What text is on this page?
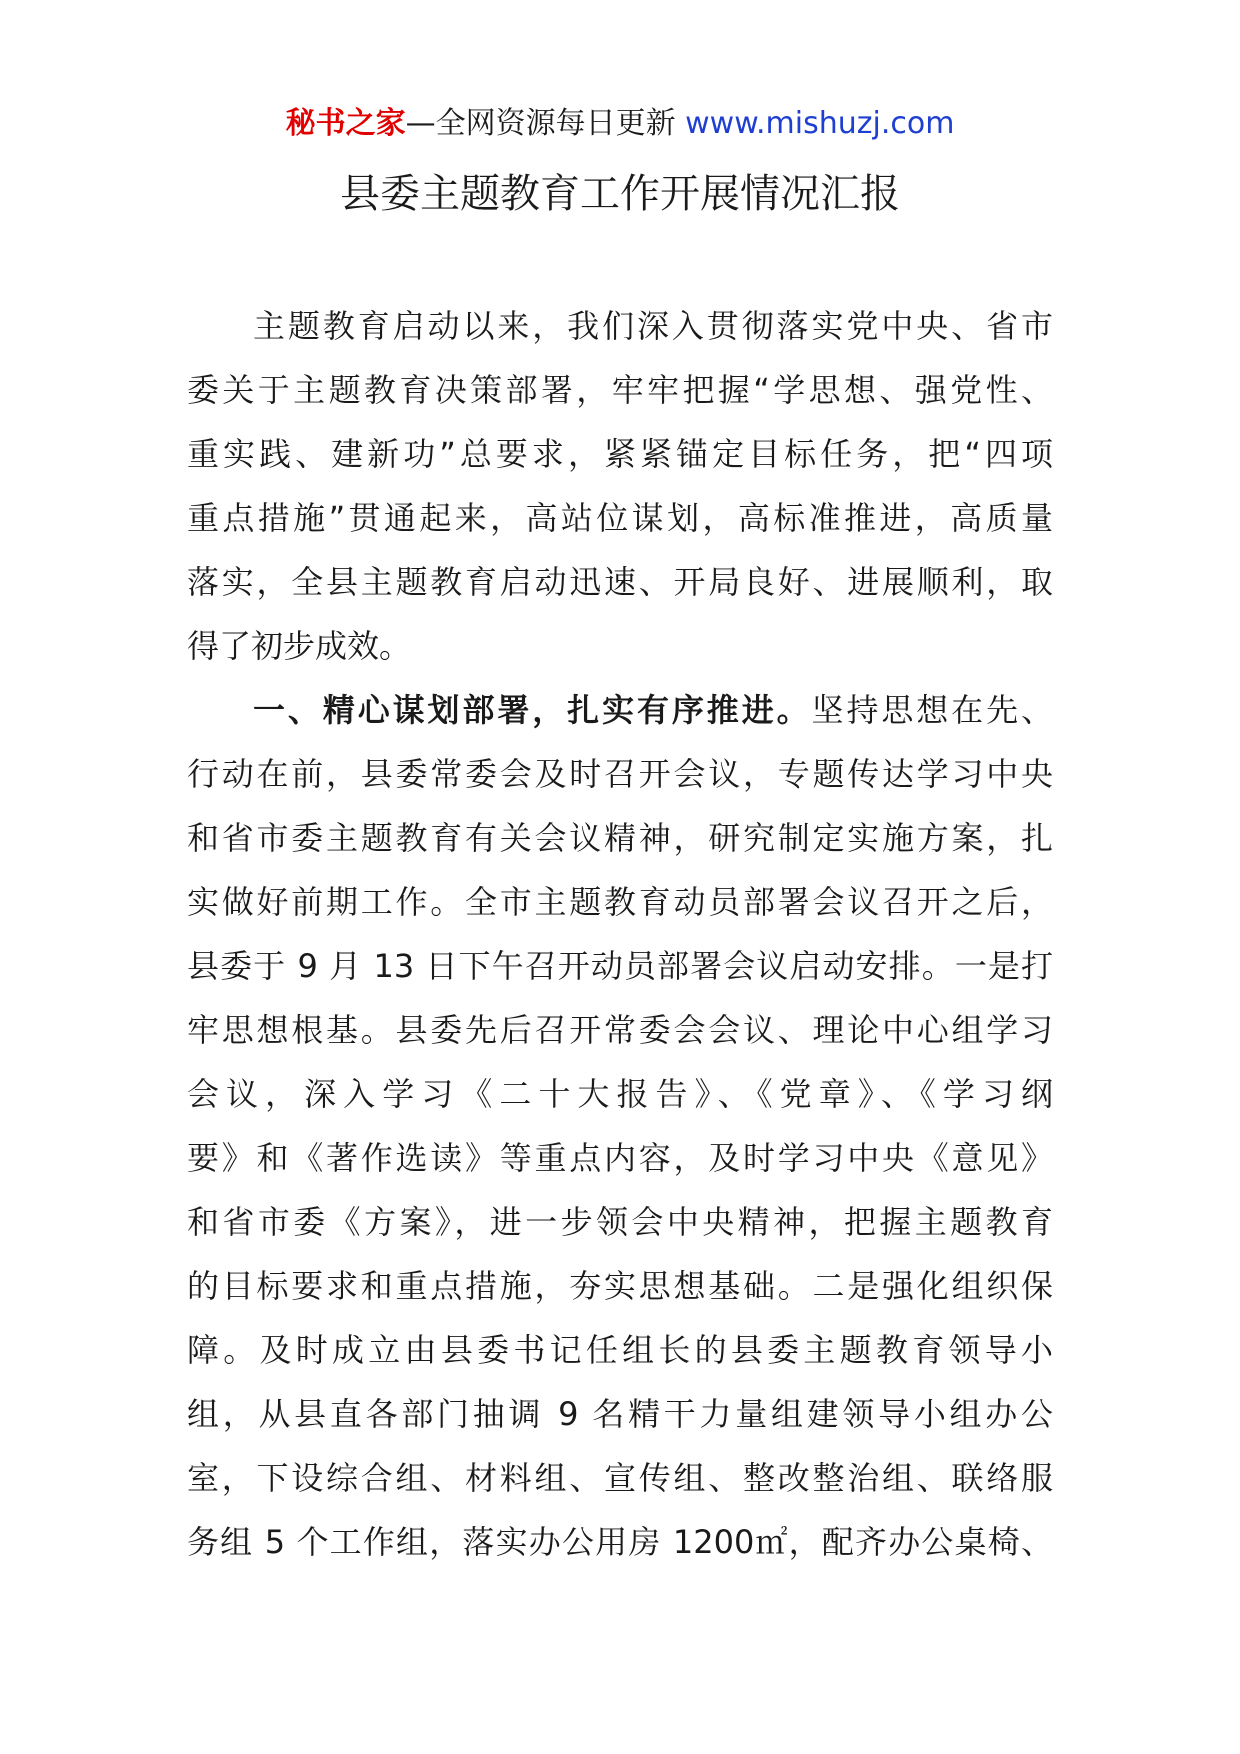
秘书之家—全网资源每日更新 www.mishuzj.com
县委主题教育工作开展情况汇报
主题教育启动以来，我们深入贯彻落实党中央、省市
委关于主题教育决策部署，牢牢把握“学思想、强党性、
重实践、建新功”总要求，紧紧锚定目标任务，把“四项
重点措施”贯通起来，高站位谋划，高标准推进，高质量
落实，全县主题教育启动迅速、开局良好、进展顺利，取
得了初步成效。
一、精心谋划部署，扎实有序推进。坚持思想在先、
行动在前，县委常委会及时召开会议，专题传达学习中央
和省市委主题教育有关会议精神，研究制定实施方案，扎
实做好前期工作。全市主题教育动员部署会议召开之后，
县委于 9 月 13 日下午召开动员部署会议启动安排。一是打
牢思想根基。县委先后召开常委会会议、理论中心组学习
会议，深入学习《二十大报告》、《党章》、《学习纲
要》和《著作选读》等重点内容，及时学习中央《意见》
和省市委《方案》，进一步领会中央精神，把握主题教育
的目标要求和重点措施，夯实思想基础。二是强化组织保
障。及时成立由县委书记任组长的县委主题教育领导小
组，从县直各部门抽调 9 名精干力量组建领导小组办公
室，下设综合组、材料组、宣传组、整改整治组、联络服
务组 5 个工作组，落实办公用房 1200㎡，配齐办公桌椅、
